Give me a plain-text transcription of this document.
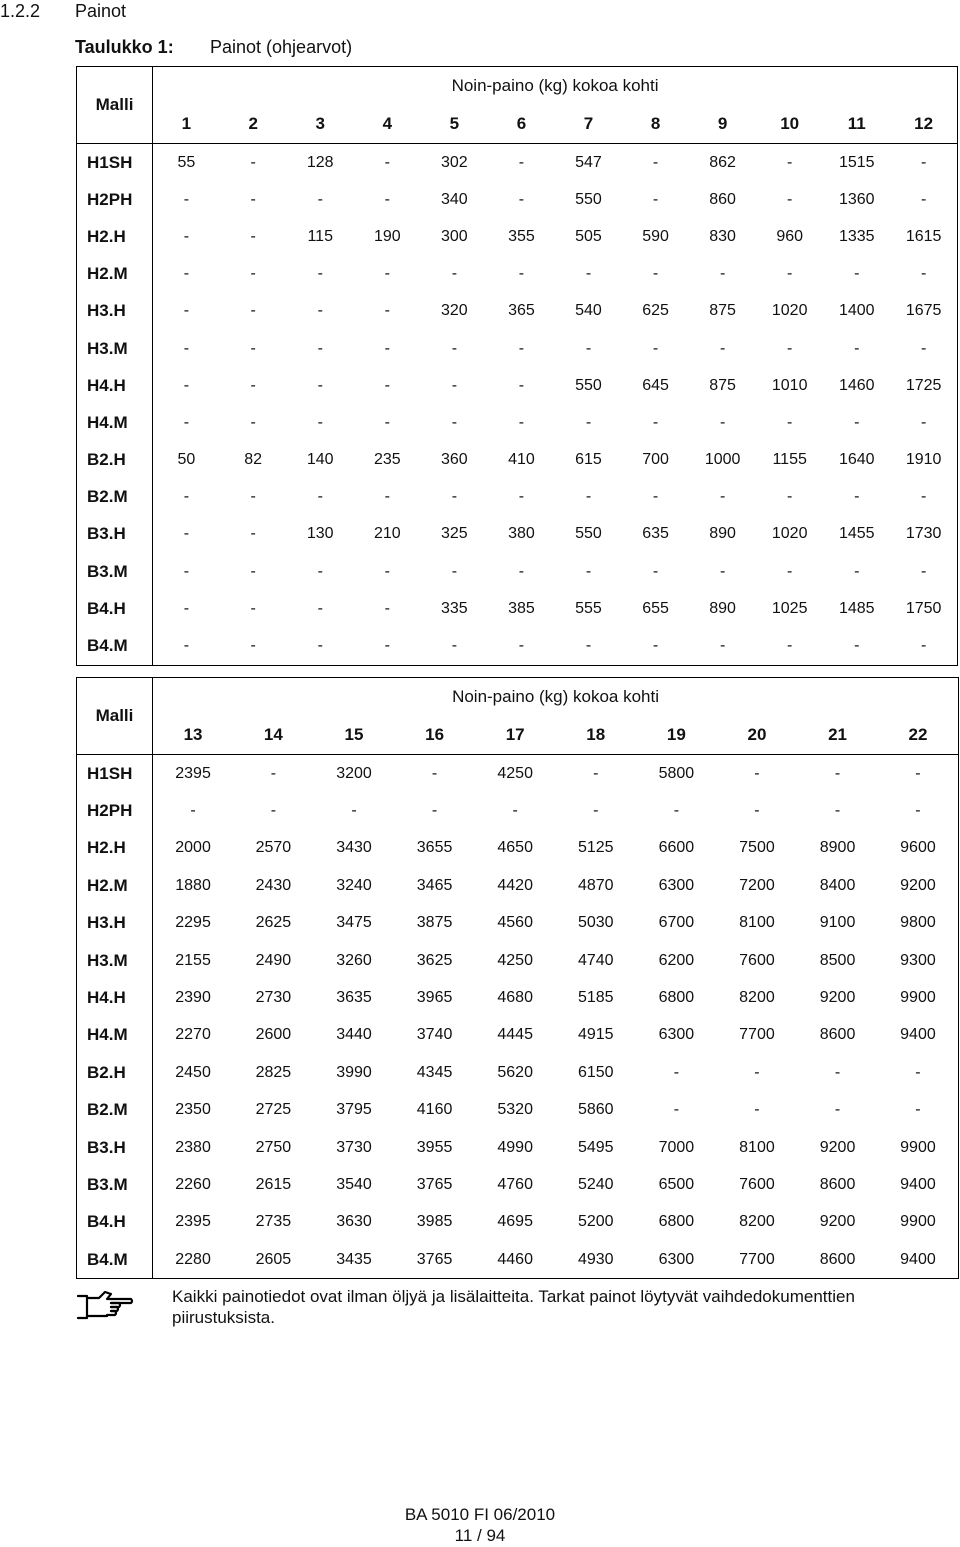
1.2.2	Painot
Taulukko 1: Painot (ohjearvot)
Malli	Noin-paino (kg) kokoa kohti											
	1	2	3	4	5	6	7	8	9	10	11	12
H1SH	55	-	128	-	302	-	547	-	862	-	1515	-
H2PH	-	-	-	-	340	-	550	-	860	-	1360	-
H2.H	-	-	115	190	300	355	505	590	830	960	1335	1615
H2.M	-	-	-	-	-	-	-	-	-	-	-	-
H3.H	-	-	-	-	320	365	540	625	875	1020	1400	1675
H3.M	-	-	-	-	-	-	-	-	-	-	-	-
H4.H	-	-	-	-	-	-	550	645	875	1010	1460	1725
H4.M	-	-	-	-	-	-	-	-	-	-	-	-
B2.H	50	82	140	235	360	410	615	700	1000	1155	1640	1910
B2.M	-	-	-	-	-	-	-	-	-	-	-	-
B3.H	-	-	130	210	325	380	550	635	890	1020	1455	1730
B3.M	-	-	-	-	-	-	-	-	-	-	-	-
B4.H	-	-	-	-	335	385	555	655	890	1025	1485	1750
B4.M	-	-	-	-	-	-	-	-	-	-	-	-
Malli	Noin-paino (kg) kokoa kohti									
	13	14	15	16	17	18	19	20	21	22
H1SH	2395	-	3200	-	4250	-	5800	-	-	-
H2PH	-	-	-	-	-	-	-	-	-	-
H2.H	2000	2570	3430	3655	4650	5125	6600	7500	8900	9600
H2.M	1880	2430	3240	3465	4420	4870	6300	7200	8400	9200
H3.H	2295	2625	3475	3875	4560	5030	6700	8100	9100	9800
H3.M	2155	2490	3260	3625	4250	4740	6200	7600	8500	9300
H4.H	2390	2730	3635	3965	4680	5185	6800	8200	9200	9900
H4.M	2270	2600	3440	3740	4445	4915	6300	7700	8600	9400
B2.H	2450	2825	3990	4345	5620	6150	-	-	-	-
B2.M	2350	2725	3795	4160	5320	5860	-	-	-	-
B3.H	2380	2750	3730	3955	4990	5495	7000	8100	9200	9900
B3.M	2260	2615	3540	3765	4760	5240	6500	7600	8600	9400
B4.H	2395	2735	3630	3985	4695	5200	6800	8200	9200	9900
B4.M	2280	2605	3435	3765	4460	4930	6300	7700	8600	9400
Kaikki painotiedot ovat ilman öljyä ja lisälaitteita. Tarkat painot löytyvät vaihdedokumenttien piirustuksista.
BA 5010 FI 06/2010
11 / 94
